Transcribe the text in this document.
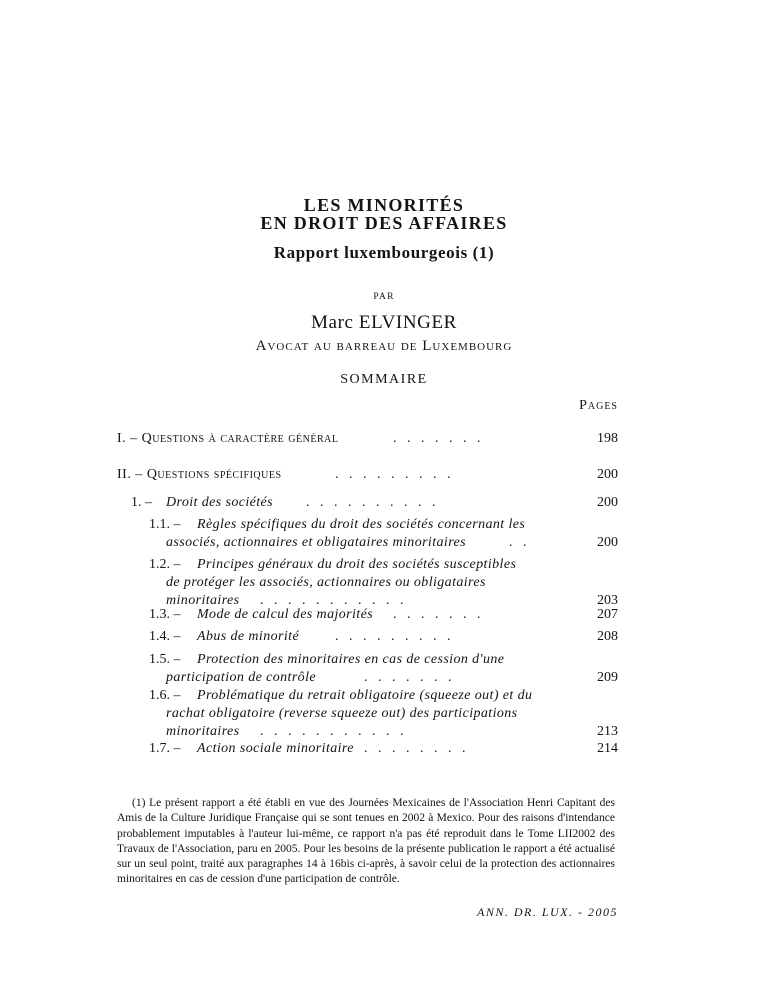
LES MINORITÉS
EN DROIT DES AFFAIRES
Rapport luxembourgeois (1)
PAR
Marc ELVINGER
Avocat au barreau de Luxembourg
SOMMAIRE
Pages
I. – Questions à caractère général	.   .   .   .   .   .   .	198
II. – Questions spécifiques	.   .   .   .   .   .   .   .   .	200
1. – Droit des sociétés .   .   .   .   .   .   .   .   .   .	200
1.1. – Règles spécifiques du droit des sociétés concernant les
associés, actionnaires et obligataires minoritaires	.   .	200
1.2. – Principes généraux du droit des sociétés susceptibles
de protéger les associés, actionnaires ou obligataires
minoritaires .   .   .   .   .   .   .   .   .   .   .	203
1.3. – Mode de calcul des majorités .   .   .   .   .   .   .	207
1.4. – Abus de minorité	.   .   .   .   .   .   .   .   .	208
1.5. – Protection des minoritaires en cas de cession d'une
participation de contrôle	.   .   .   .   .   .   .	209
1.6. – Problématique du retrait obligatoire (squeeze out) et du
rachat obligatoire (reverse squeeze out) des participations
minoritaires .   .   .   .   .   .   .   .   .   .   .	213
1.7. – Action sociale minoritaire .   .   .   .   .   .   .   .	214

(1) Le présent rapport a été établi en vue des Journées Mexicaines de l'Association Henri Capitant des Amis de la Culture Juridique Française qui se sont tenues en 2002 à Mexico. Pour des raisons d'intendance probablement imputables à l'auteur lui-même, ce rapport n'a pas été reproduit dans le Tome LII2002 des Travaux de l'Association, paru en 2005. Pour les besoins de la présente publication le rapport a été actualisé sur un seul point, traité aux paragraphes 14 à 16bis ci-après, à savoir celui de la protection des actionnaires minoritaires en cas de cession d'une participation de contrôle.

ANN. DR. LUX. - 2005
